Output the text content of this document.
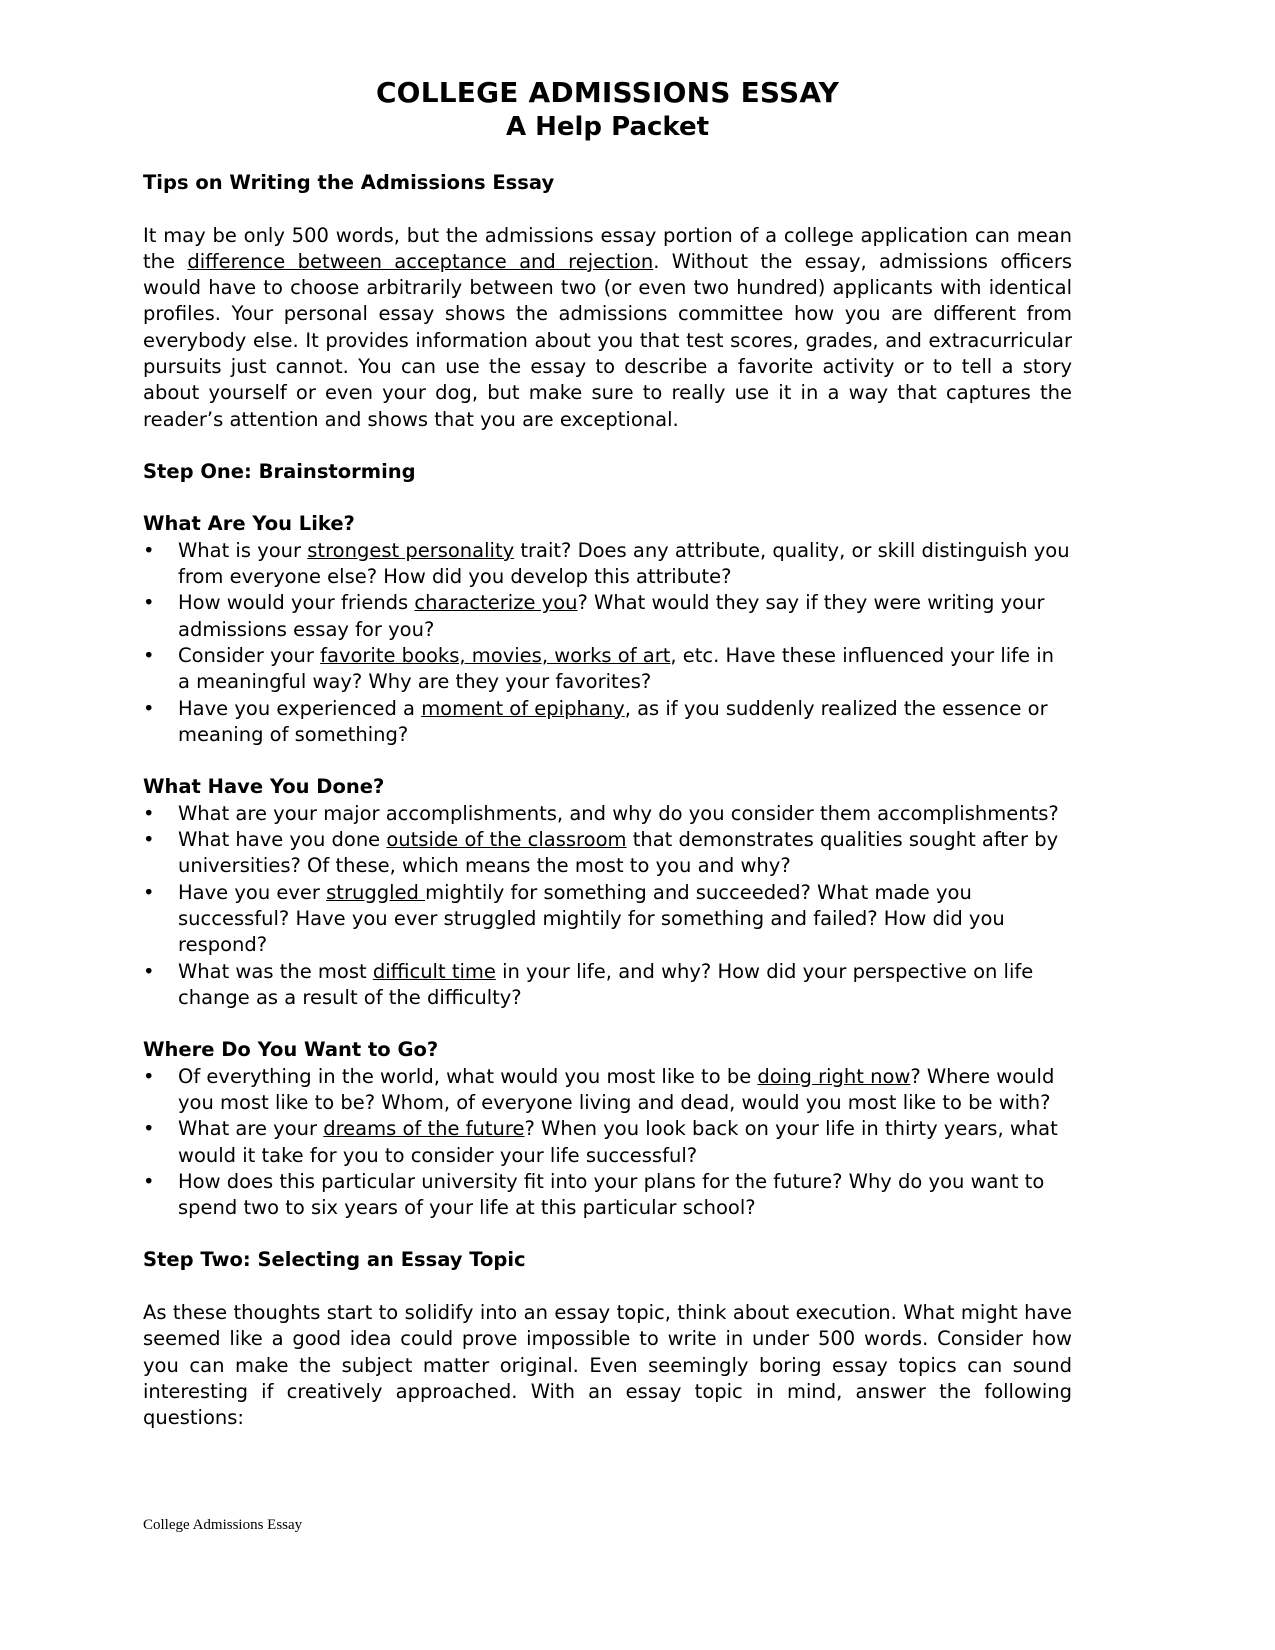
COLLEGE ADMISSIONS ESSAY
A Help Packet
Tips on Writing the Admissions Essay

It may be only 500 words, but the admissions essay portion of a college application can mean the difference between acceptance and rejection. Without the essay, admissions officers would have to choose arbitrarily between two (or even two hundred) applicants with identical profiles. Your personal essay shows the admissions committee how you are different from everybody else. It provides information about you that test scores, grades, and extracurricular pursuits just cannot. You can use the essay to describe a favorite activity or to tell a story about yourself or even your dog, but make sure to really use it in a way that captures the reader’s attention and shows that you are exceptional.

Step One: Brainstorming
What Are You Like?
• What is your strongest personality trait? Does any attribute, quality, or skill distinguish you from everyone else? How did you develop this attribute?
• How would your friends characterize you? What would they say if they were writing your admissions essay for you?
• Consider your favorite books, movies, works of art, etc. Have these influenced your life in a meaningful way? Why are they your favorites?
• Have you experienced a moment of epiphany, as if you suddenly realized the essence or meaning of something?
What Have You Done?
• What are your major accomplishments, and why do you consider them accomplishments?
• What have you done outside of the classroom that demonstrates qualities sought after by universities? Of these, which means the most to you and why?
• Have you ever struggled mightily for something and succeeded? What made you successful? Have you ever struggled mightily for something and failed? How did you respond?
• What was the most difficult time in your life, and why? How did your perspective on life change as a result of the difficulty?
Where Do You Want to Go?
• Of everything in the world, what would you most like to be doing right now? Where would you most like to be? Whom, of everyone living and dead, would you most like to be with?
• What are your dreams of the future? When you look back on your life in thirty years, what would it take for you to consider your life successful?
• How does this particular university fit into your plans for the future? Why do you want to spend two to six years of your life at this particular school?
Step Two: Selecting an Essay Topic

As these thoughts start to solidify into an essay topic, think about execution. What might have seemed like a good idea could prove impossible to write in under 500 words. Consider how you can make the subject matter original. Even seemingly boring essay topics can sound interesting if creatively approached. With an essay topic in mind, answer the following questions:

College Admissions Essay
